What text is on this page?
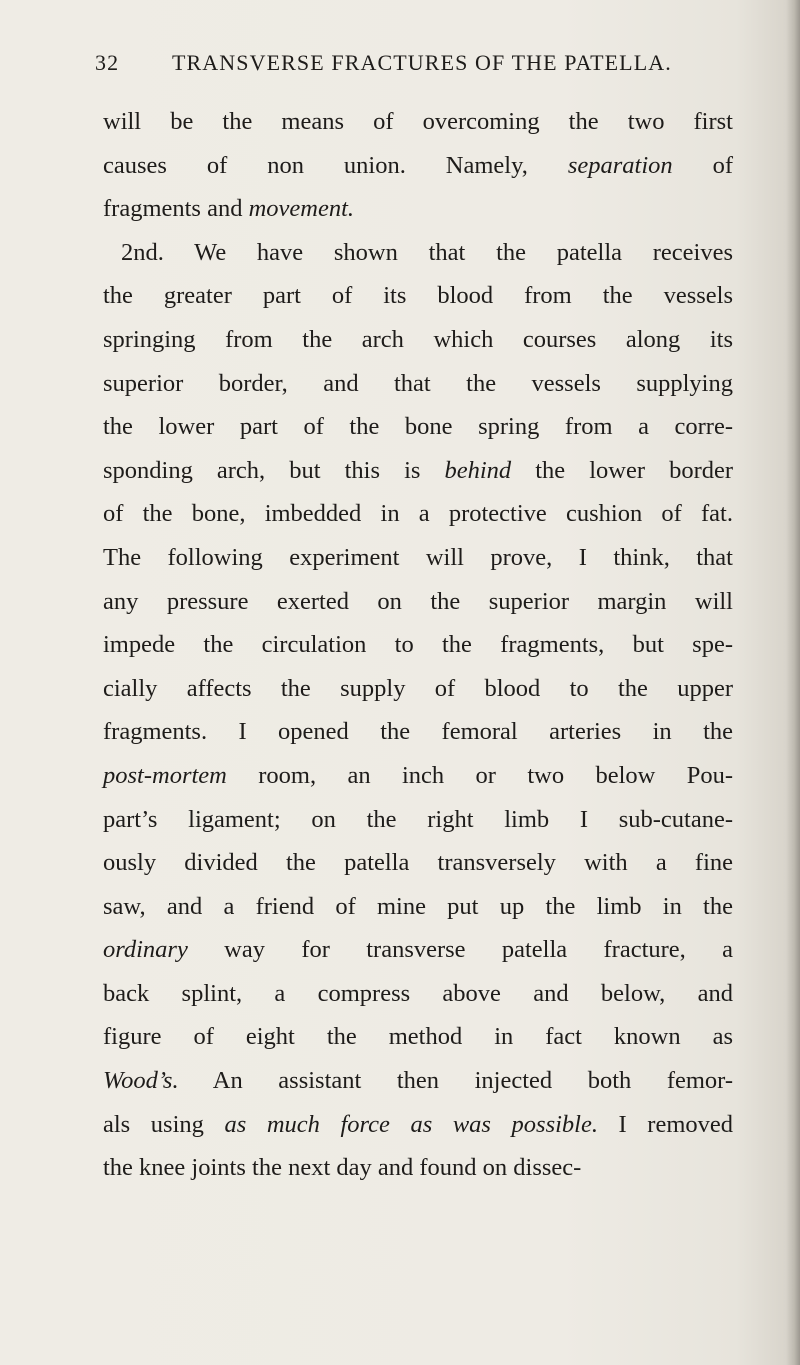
32 TRANSVERSE FRACTURES OF THE PATELLA.
will be the means of overcoming the two first
causes of non union. Namely, separation of
fragments and movement.
2nd. We have shown that the patella receives
the greater part of its blood from the vessels
springing from the arch which courses along its
superior border, and that the vessels supplying
the lower part of the bone spring from a corre-
sponding arch, but this is behind the lower border
of the bone, imbedded in a protective cushion of fat.
The following experiment will prove, I think, that
any pressure exerted on the superior margin will
impede the circulation to the fragments, but spe-
cially affects the supply of blood to the upper
fragments. I opened the femoral arteries in the
post-mortem room, an inch or two below Pou-
part’s ligament; on the right limb I sub-cutane-
ously divided the patella transversely with a fine
saw, and a friend of mine put up the limb in the
ordinary way for transverse patella fracture, a
back splint, a compress above and below, and
figure of eight the method in fact known as
Wood’s. An assistant then injected both femor-
als using as much force as was possible. I removed
the knee joints the next day and found on dissec-
